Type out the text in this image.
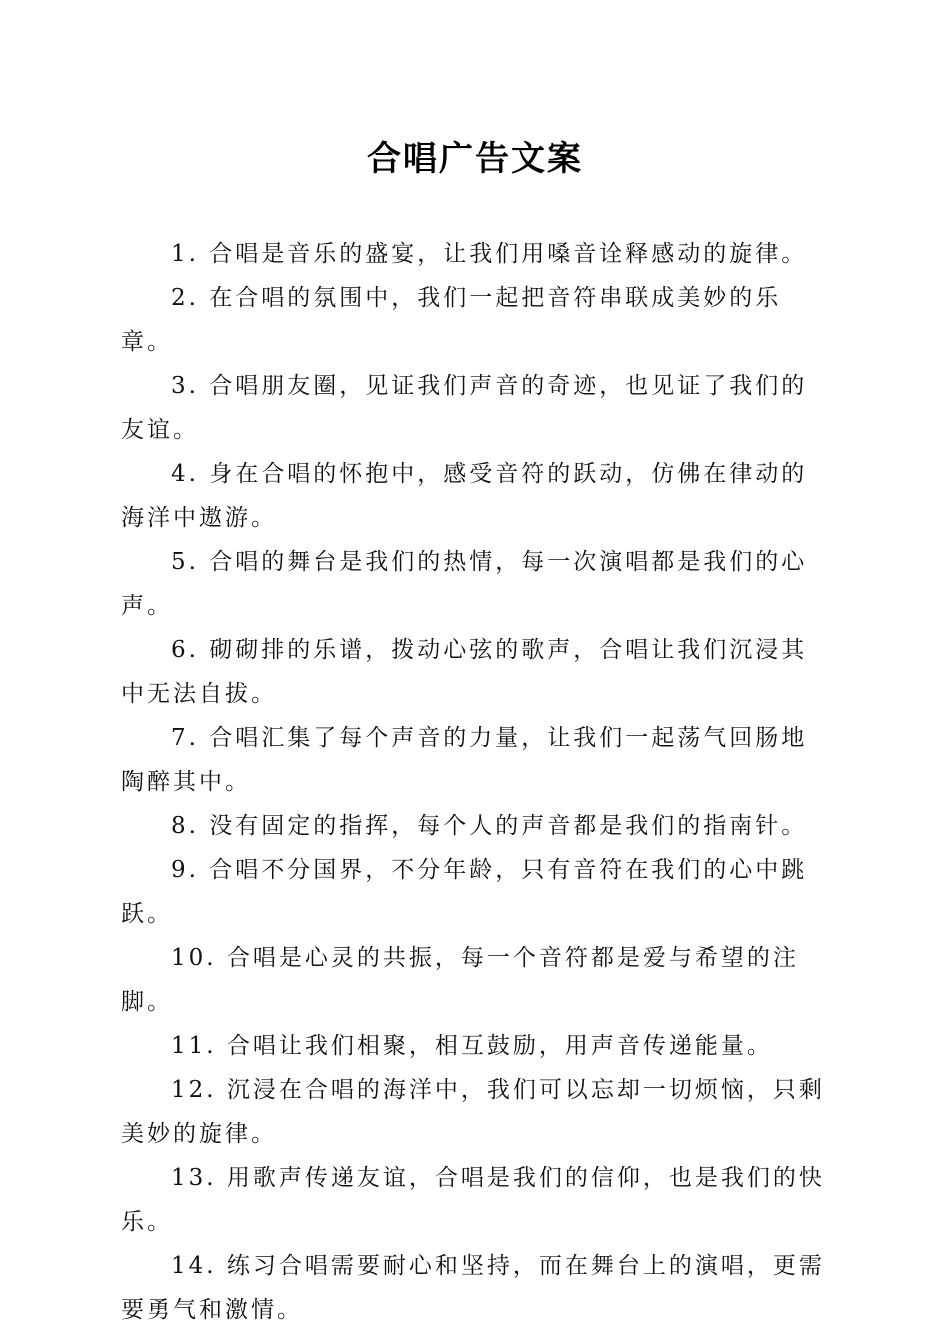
合唱广告文案

1. 合唱是音乐的盛宴，让我们用嗓音诠释感动的旋律。

2. 在合唱的氛围中，我们一起把音符串联成美妙的乐章。

3. 合唱朋友圈，见证我们声音的奇迹，也见证了我们的友谊。

4. 身在合唱的怀抱中，感受音符的跃动，仿佛在律动的海洋中遨游。

5. 合唱的舞台是我们的热情，每一次演唱都是我们的心声。

6. 砌砌排的乐谱，拨动心弦的歌声，合唱让我们沉浸其中无法自拔。

7. 合唱汇集了每个声音的力量，让我们一起荡气回肠地陶醉其中。

8. 没有固定的指挥，每个人的声音都是我们的指南针。

9. 合唱不分国界，不分年龄，只有音符在我们的心中跳跃。

10. 合唱是心灵的共振，每一个音符都是爱与希望的注脚。

11. 合唱让我们相聚，相互鼓励，用声音传递能量。

12. 沉浸在合唱的海洋中，我们可以忘却一切烦恼，只剩美妙的旋律。

13. 用歌声传递友谊，合唱是我们的信仰，也是我们的快乐。

14. 练习合唱需要耐心和坚持，而在舞台上的演唱，更需要勇气和激情。
